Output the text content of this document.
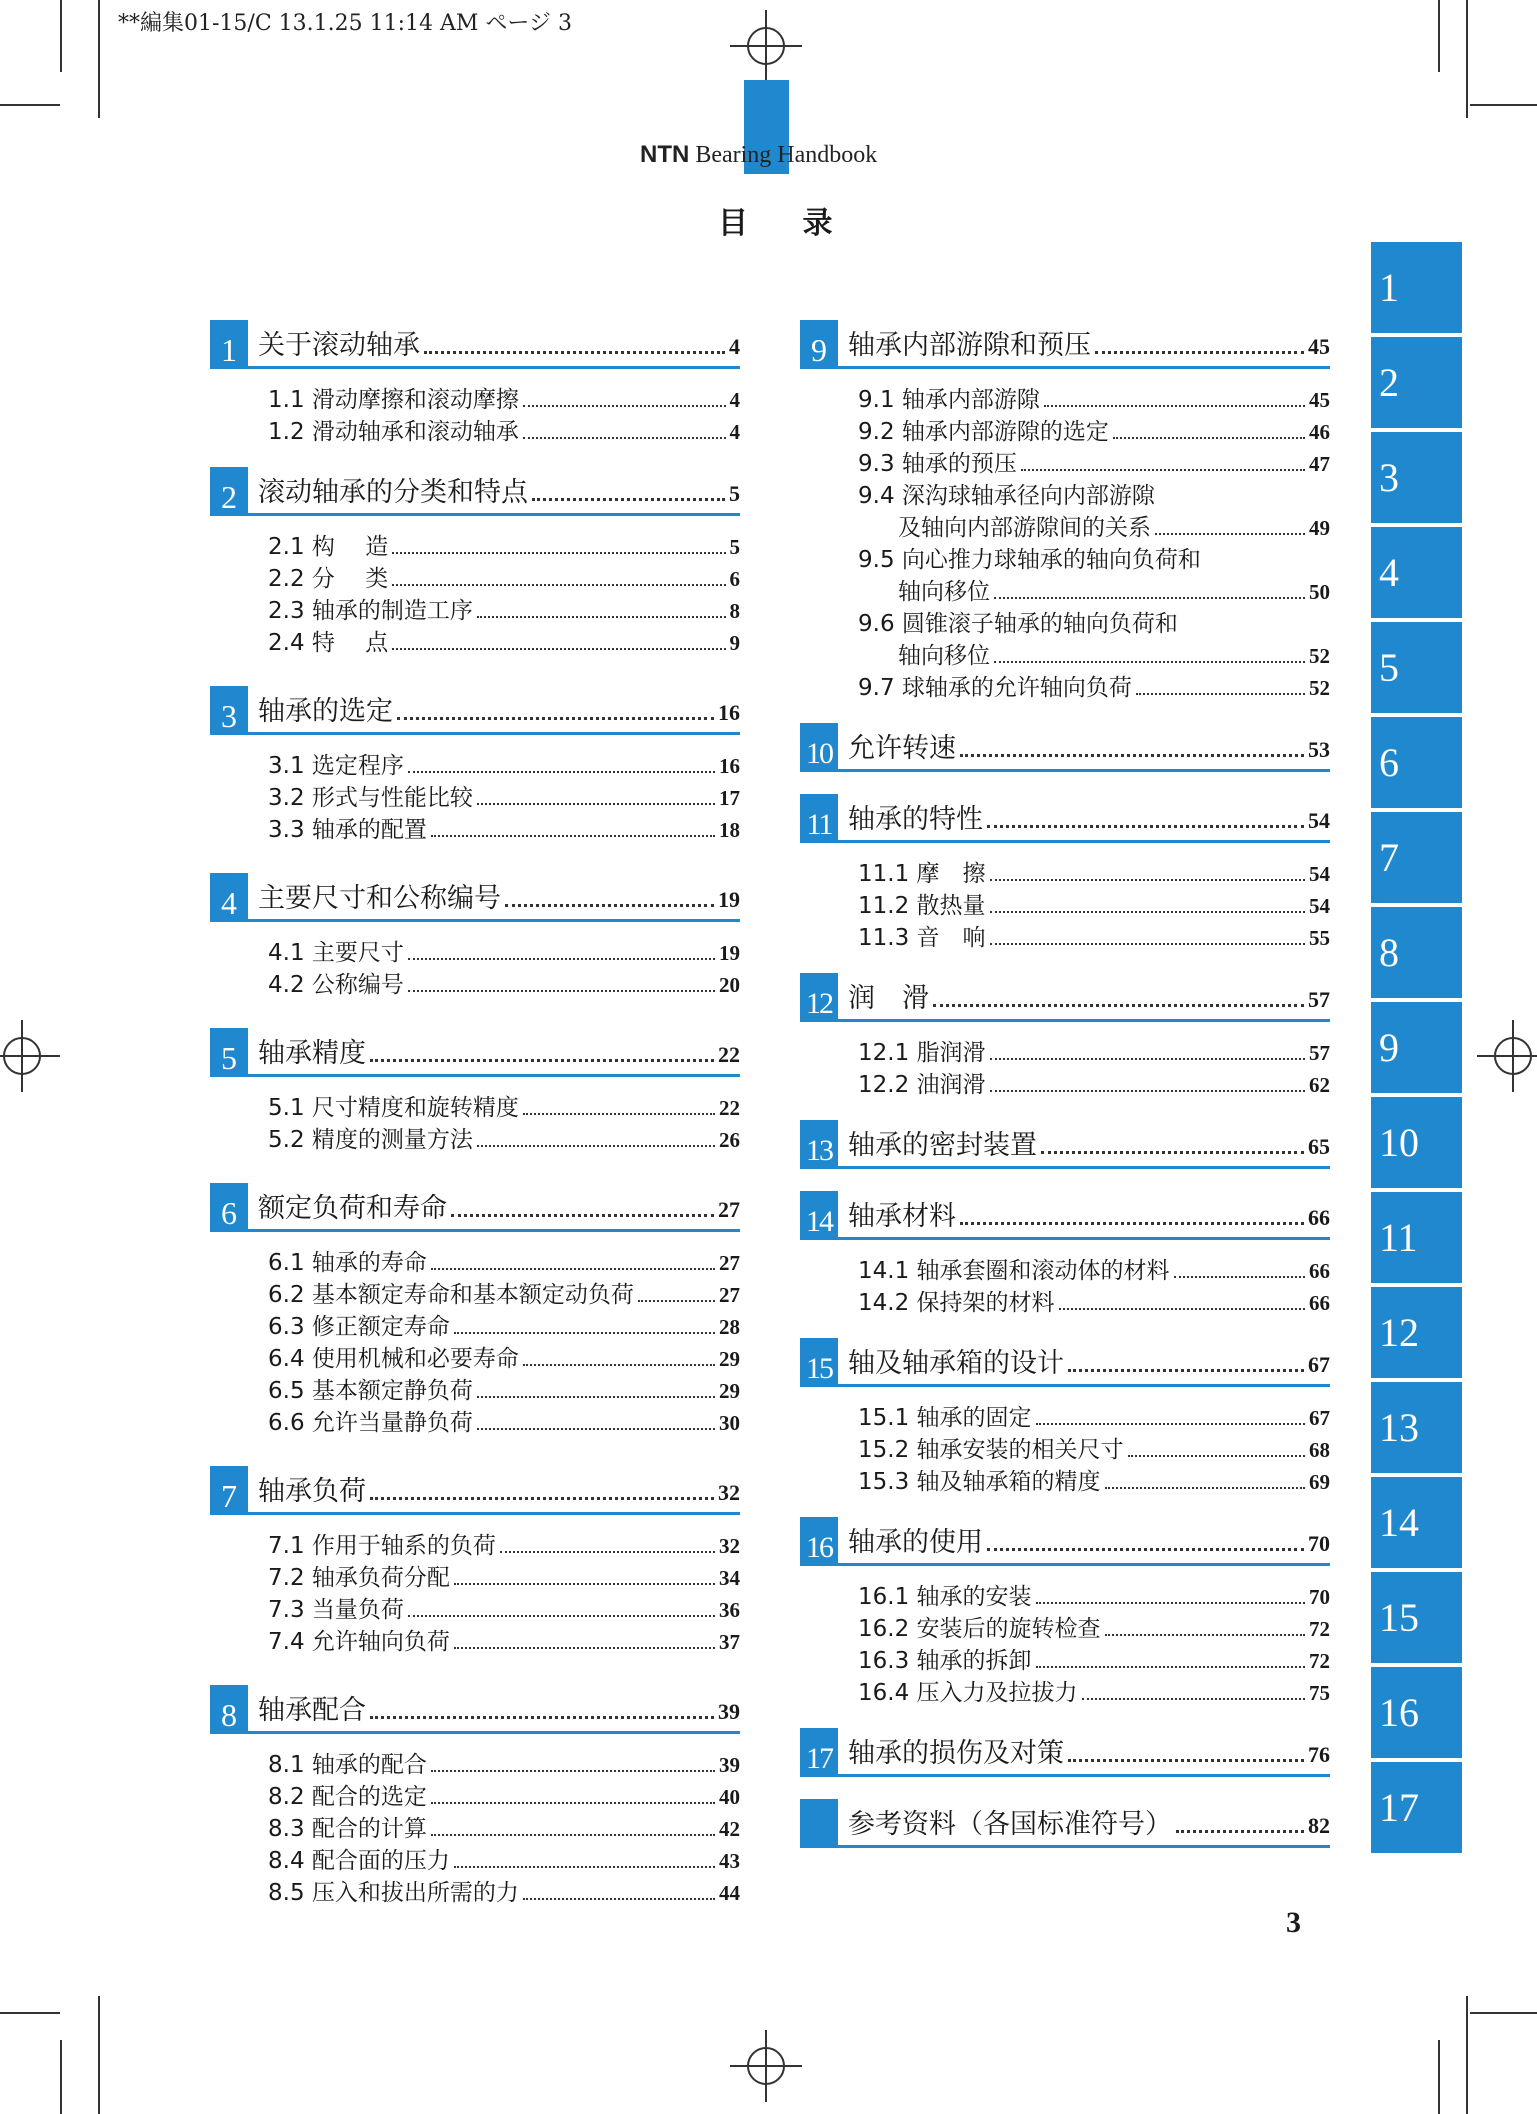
**編集01-15/C 13.1.25 11:14 AM ページ 3
NTN Bearing Handbook
目 录
1 关于滚动轴承	4
1.1 滑动摩擦和滚动摩擦	4
1.2 滑动轴承和滚动轴承	4
2 滚动轴承的分类和特点	5
2.1 构　 造	5
2.2 分　 类	6
2.3 轴承的制造工序	8
2.4 特　 点	9
3 轴承的选定	16
3.1 选定程序	16
3.2 形式与性能比较	17
3.3 轴承的配置	18
4 主要尺寸和公称编号	19
4.1 主要尺寸	19
4.2 公称编号	20
5 轴承精度	22
5.1 尺寸精度和旋转精度	22
5.2 精度的测量方法	26
6 额定负荷和寿命	27
6.1 轴承的寿命	27
6.2 基本额定寿命和基本额定动负荷	27
6.3 修正额定寿命	28
6.4 使用机械和必要寿命	29
6.5 基本额定静负荷	29
6.6 允许当量静负荷	30
7 轴承负荷	32
7.1 作用于轴系的负荷	32
7.2 轴承负荷分配	34
7.3 当量负荷	36
7.4 允许轴向负荷	37
8 轴承配合	39
8.1 轴承的配合	39
8.2 配合的选定	40
8.3 配合的计算	42
8.4 配合面的压力	43
8.5 压入和拔出所需的力	44
9 轴承内部游隙和预压	45
9.1 轴承内部游隙	45
9.2 轴承内部游隙的选定	46
9.3 轴承的预压	47
9.4 深沟球轴承径向内部游隙
及轴向内部游隙间的关系	49
9.5 向心推力球轴承的轴向负荷和
轴向移位	50
9.6 圆锥滚子轴承的轴向负荷和
轴向移位	52
9.7 球轴承的允许轴向负荷	52
10 允许转速	53
11 轴承的特性	54
11.1 摩　擦	54
11.2 散热量	54
11.3 音　响	55
12 润　滑	57
12.1 脂润滑	57
12.2 油润滑	62
13 轴承的密封装置	65
14 轴承材料	66
14.1 轴承套圈和滚动体的材料	66
14.2 保持架的材料	66
15 轴及轴承箱的设计	67
15.1 轴承的固定	67
15.2 轴承安装的相关尺寸	68
15.3 轴及轴承箱的精度	69
16 轴承的使用	70
16.1 轴承的安装	70
16.2 安装后的旋转检查	72
16.3 轴承的拆卸	72
16.4 压入力及拉拔力	75
17 轴承的损伤及对策	76
参考资料（各国标准符号）	82
1
2
3
4
5
6
7
8
9
10
11
12
13
14
15
16
17
3
